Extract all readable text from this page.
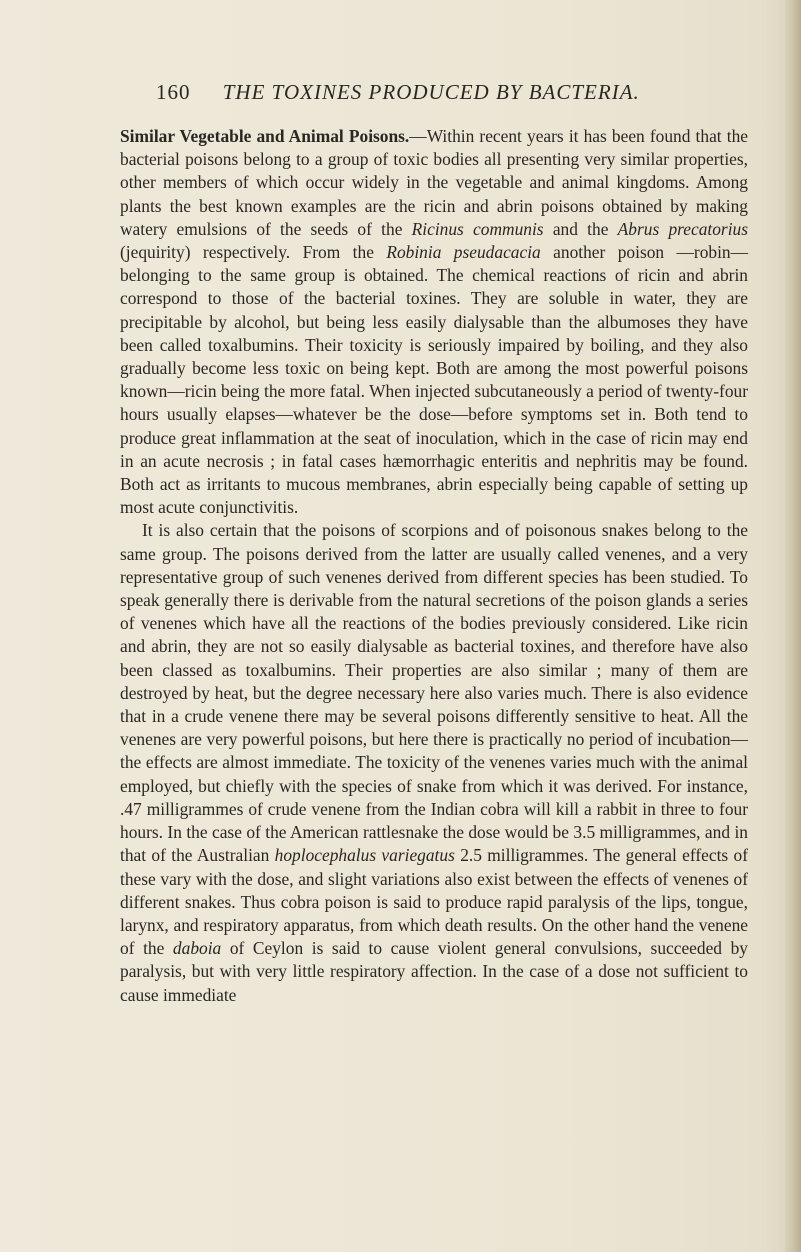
160 THE TOXINES PRODUCED BY BACTERIA.

Similar Vegetable and Animal Poisons.—Within recent years it has been found that the bacterial poisons belong to a group of toxic bodies all presenting very similar properties, other members of which occur widely in the vegetable and animal kingdoms. Among plants the best known examples are the ricin and abrin poisons obtained by making watery emulsions of the seeds of the Ricinus communis and the Abrus precatorius (jequirity) respectively. From the Robinia pseudacacia another poison —robin—belonging to the same group is obtained. The chemical reactions of ricin and abrin correspond to those of the bacterial toxines. They are soluble in water, they are precipitable by alcohol, but being less easily dialysable than the albumoses they have been called toxalbumins. Their toxicity is seriously impaired by boiling, and they also gradually become less toxic on being kept. Both are among the most powerful poisons known—ricin being the more fatal. When injected subcutaneously a period of twenty-four hours usually elapses—whatever be the dose—before symptoms set in. Both tend to produce great inflammation at the seat of inoculation, which in the case of ricin may end in an acute necrosis ; in fatal cases hæmorrhagic enteritis and nephritis may be found. Both act as irritants to mucous membranes, abrin especially being capable of setting up most acute conjunctivitis.

It is also certain that the poisons of scorpions and of poisonous snakes belong to the same group. The poisons derived from the latter are usually called venenes, and a very representative group of such venenes derived from different species has been studied. To speak generally there is derivable from the natural secretions of the poison glands a series of venenes which have all the reactions of the bodies previously considered. Like ricin and abrin, they are not so easily dialysable as bacterial toxines, and therefore have also been classed as toxalbumins. Their properties are also similar ; many of them are destroyed by heat, but the degree necessary here also varies much. There is also evidence that in a crude venene there may be several poisons differently sensitive to heat. All the venenes are very powerful poisons, but here there is practically no period of incubation—the effects are almost immediate. The toxicity of the venenes varies much with the animal employed, but chiefly with the species of snake from which it was derived. For instance, .47 milligrammes of crude venene from the Indian cobra will kill a rabbit in three to four hours. In the case of the American rattlesnake the dose would be 3.5 milligrammes, and in that of the Australian hoplocephalus variegatus 2.5 milligrammes. The general effects of these vary with the dose, and slight variations also exist between the effects of venenes of different snakes. Thus cobra poison is said to produce rapid paralysis of the lips, tongue, larynx, and respiratory apparatus, from which death results. On the other hand the venene of the daboia of Ceylon is said to cause violent general convulsions, succeeded by paralysis, but with very little respiratory affection. In the case of a dose not sufficient to cause immediate
